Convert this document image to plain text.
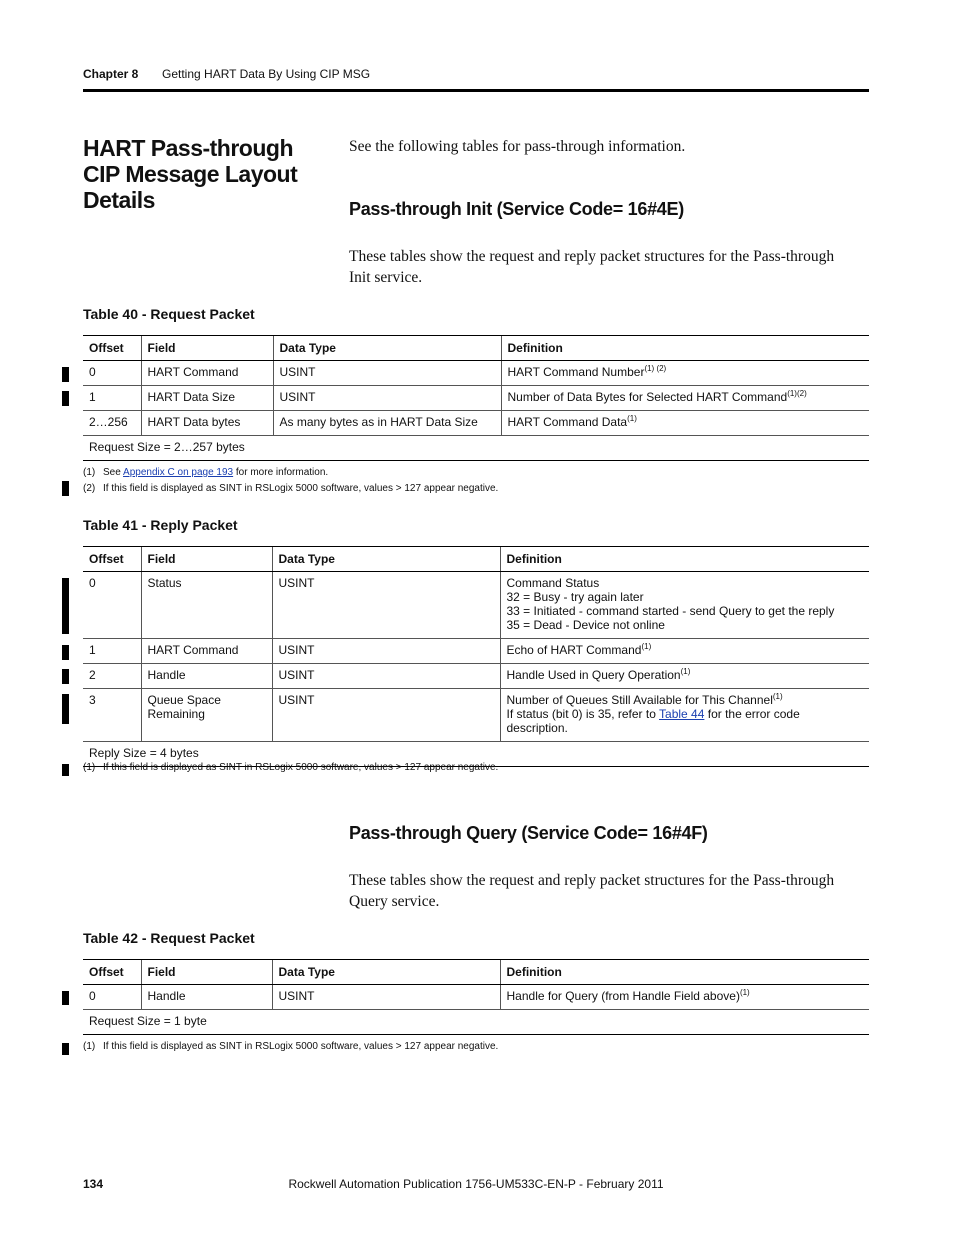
Chapter 8 Getting HART Data By Using CIP MSG
HART Pass-through CIP Message Layout Details
See the following tables for pass-through information.
Pass-through Init (Service Code= 16#4E)
These tables show the request and reply packet structures for the Pass-through Init service.
Table 40 - Request Packet
Offset	Field	Data Type	Definition
0	HART Command	USINT	HART Command Number$^{(1) (2)}$
1	HART Data Size	USINT	Number of Data Bytes for Selected HART Command$^{(1)(2)}$
2…256	HART Data bytes	As many bytes as in HART Data Size	HART Command Data$^{(1)}$
Request Size = 2…257 bytes			
(1) See Appendix C on page 193 for more information.
(2) If this field is displayed as SINT in RSLogix 5000 software, values > 127 appear negative.
Table 41 - Reply Packet
Offset	Field	Data Type	Definition
0	Status	USINT	Command Status
32 = Busy - try again later
33 = Initiated - command started - send Query to get the reply
35 = Dead - Device not online

1	HART Command	USINT	Echo of HART Command$^{(1)}$
2	Handle	USINT	Handle Used in Query Operation$^{(1)}$
3	Queue Space Remaining	USINT	Number of Queues Still Available for This Channel$^{(1)}$
If status (bit 0) is 35, refer to Table 44 for the error code description.

Reply Size = 4 bytes			
(1) If this field is displayed as SINT in RSLogix 5000 software, values > 127 appear negative.
Pass-through Query (Service Code= 16#4F)
These tables show the request and reply packet structures for the Pass-through Query service.
Table 42 - Request Packet
Offset	Field	Data Type	Definition
0	Handle	USINT	Handle for Query (from Handle Field above)$^{(1)}$
Request Size = 1 byte			
(1) If this field is displayed as SINT in RSLogix 5000 software, values > 127 appear negative.
Rockwell Automation Publication 1756-UM533C-EN-P - February 2011
134
